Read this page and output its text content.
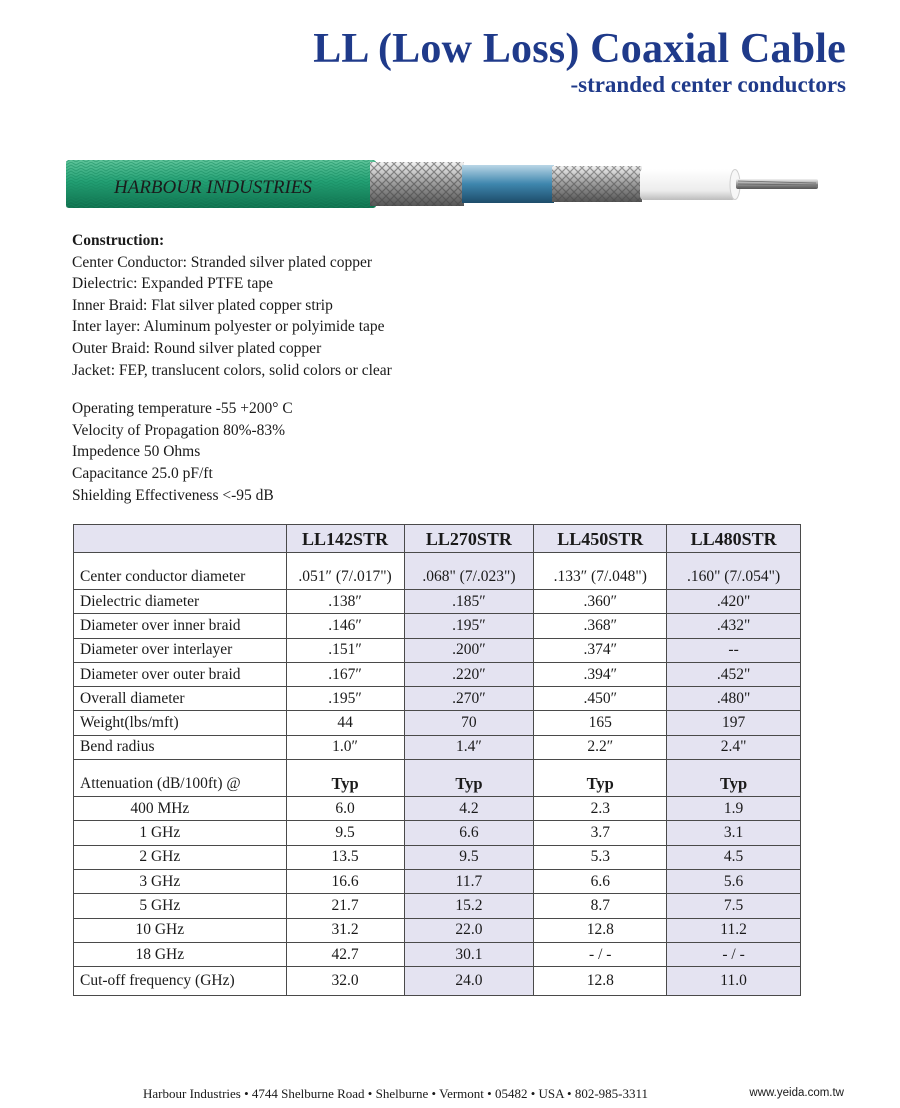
LL (Low Loss) Coaxial Cable
-stranded center conductors
HARBOUR INDUSTRIES
Construction:
Center Conductor: Stranded silver plated copper
Dielectric: Expanded PTFE tape
Inner Braid: Flat silver plated copper strip
Inter layer: Aluminum polyester or polyimide tape
Outer Braid: Round silver plated copper
Jacket: FEP, translucent colors, solid colors or clear
Operating temperature -55 +200° C
Velocity of Propagation 80%-83%
Impedence 50 Ohms
Capacitance 25.0 pF/ft
Shielding Effectiveness <-95 dB
	LL142STR	LL270STR	LL450STR	LL480STR
Center conductor diameter	.051″ (7/.017")	.068" (7/.023")	.133″ (7/.048")	.160" (7/.054")
Dielectric diameter	.138″	.185″	.360″	.420"
Diameter over inner braid	.146″	.195″	.368″	.432"
Diameter over interlayer	.151″	.200″	.374″	--
Diameter over outer braid	.167″	.220″	.394″	.452"
Overall diameter	.195″	.270″	.450″	.480"
Weight(lbs/mft)	44	70	165	197
Bend radius	1.0″	1.4″	2.2″	2.4"
Attenuation (dB/100ft) @	Typ	Typ	Typ	Typ
400 MHz	6.0	4.2	2.3	1.9
1 GHz	9.5	6.6	3.7	3.1
2 GHz	13.5	9.5	5.3	4.5
3 GHz	16.6	11.7	6.6	5.6
5 GHz	21.7	15.2	8.7	7.5
10 GHz	31.2	22.0	12.8	11.2
18 GHz	42.7	30.1	- / -	- / -
Cut-off frequency (GHz)	32.0	24.0	12.8	11.0
Harbour Industries • 4744 Shelburne Road • Shelburne • Vermont • 05482 • USA • 802-985-3311	www.yeida.com.tw
